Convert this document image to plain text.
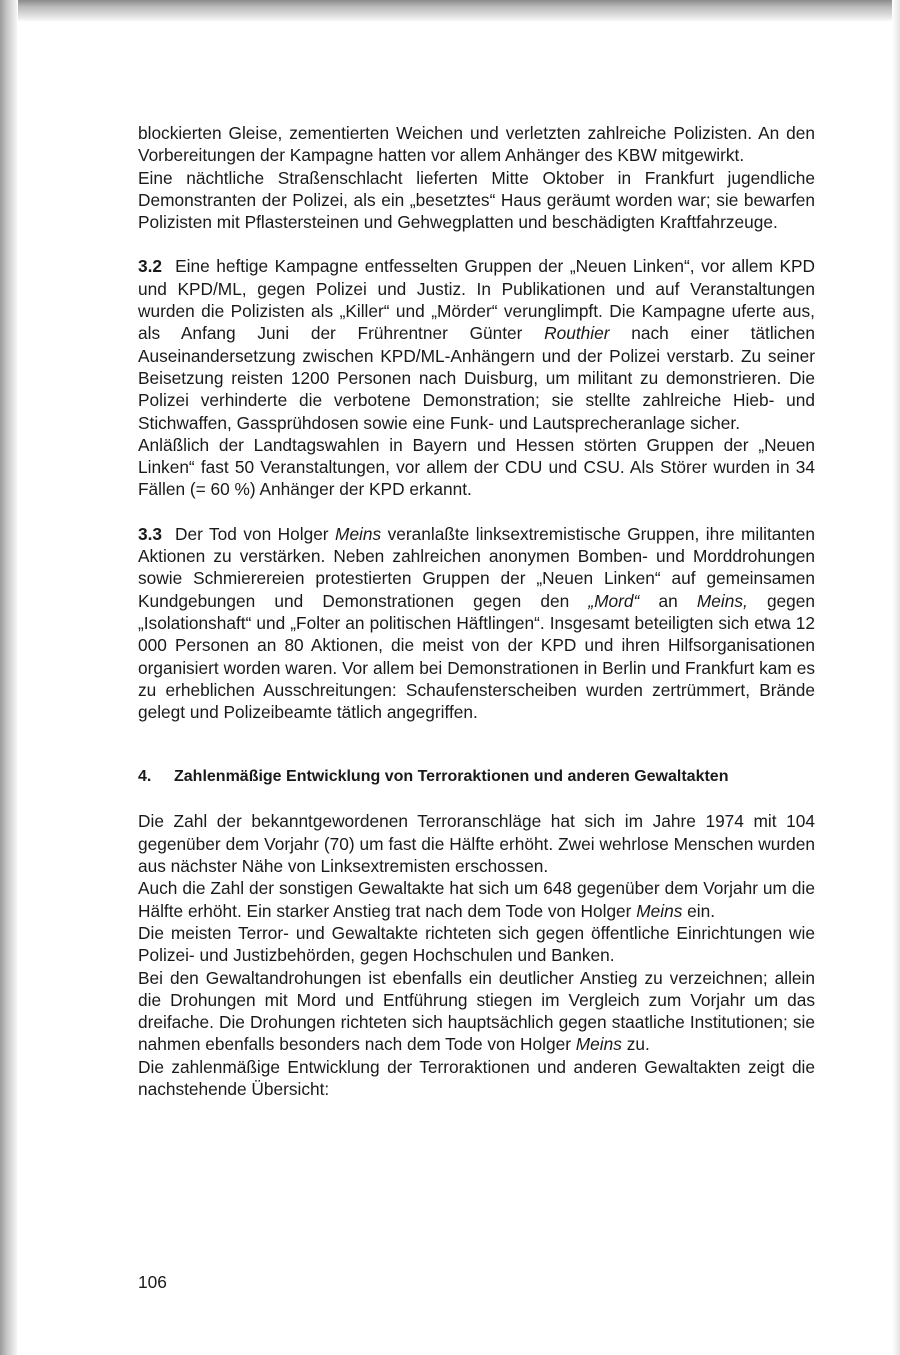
blockierten Gleise, zementierten Weichen und verletzten zahlreiche Polizisten. An den Vorbereitungen der Kampagne hatten vor allem Anhänger des KBW mitgewirkt.

Eine nächtliche Straßenschlacht lieferten Mitte Oktober in Frankfurt jugendliche Demonstranten der Polizei, als ein „besetztes“ Haus geräumt worden war; sie bewarfen Polizisten mit Pflastersteinen und Gehwegplatten und beschädigten Kraftfahrzeuge.

3.2 Eine heftige Kampagne entfesselten Gruppen der „Neuen Linken“, vor allem KPD und KPD/ML, gegen Polizei und Justiz. In Publikationen und auf Veranstaltungen wurden die Polizisten als „Killer“ und „Mörder“ verunglimpft. Die Kampagne uferte aus, als Anfang Juni der Frührentner Günter Routhier nach einer tätlichen Auseinandersetzung zwischen KPD/ML-Anhängern und der Polizei verstarb. Zu seiner Beisetzung reisten 1200 Personen nach Duisburg, um militant zu demonstrieren. Die Polizei verhinderte die verbotene Demonstration; sie stellte zahlreiche Hieb- und Stichwaffen, Gassprühdosen sowie eine Funk- und Lautsprecheranlage sicher.

Anläßlich der Landtagswahlen in Bayern und Hessen störten Gruppen der „Neuen Linken“ fast 50 Veranstaltungen, vor allem der CDU und CSU. Als Störer wurden in 34 Fällen (= 60 %) Anhänger der KPD erkannt.

3.3 Der Tod von Holger Meins veranlaßte linksextremistische Gruppen, ihre militanten Aktionen zu verstärken. Neben zahlreichen anonymen Bomben- und Morddrohungen sowie Schmierereien protestierten Gruppen der „Neuen Linken“ auf gemeinsamen Kundgebungen und Demonstrationen gegen den „Mord“ an Meins, gegen „Isolationshaft“ und „Folter an politischen Häftlingen“. Insgesamt beteiligten sich etwa 12 000 Personen an 80 Aktionen, die meist von der KPD und ihren Hilfsorganisationen organisiert worden waren. Vor allem bei Demonstrationen in Berlin und Frankfurt kam es zu erheblichen Ausschreitungen: Schaufensterscheiben wurden zertrümmert, Brände gelegt und Polizeibeamte tätlich angegriffen.

4. Zahlenmäßige Entwicklung von Terroraktionen und anderen Gewaltakten

Die Zahl der bekanntgewordenen Terroranschläge hat sich im Jahre 1974 mit 104 gegenüber dem Vorjahr (70) um fast die Hälfte erhöht. Zwei wehrlose Menschen wurden aus nächster Nähe von Linksextremisten erschossen.

Auch die Zahl der sonstigen Gewaltakte hat sich um 648 gegenüber dem Vorjahr um die Hälfte erhöht. Ein starker Anstieg trat nach dem Tode von Holger Meins ein.

Die meisten Terror- und Gewaltakte richteten sich gegen öffentliche Einrichtungen wie Polizei- und Justizbehörden, gegen Hochschulen und Banken.

Bei den Gewaltandrohungen ist ebenfalls ein deutlicher Anstieg zu verzeichnen; allein die Drohungen mit Mord und Entführung stiegen im Vergleich zum Vorjahr um das dreifache. Die Drohungen richteten sich hauptsächlich gegen staatliche Institutionen; sie nahmen ebenfalls besonders nach dem Tode von Holger Meins zu.

Die zahlenmäßige Entwicklung der Terroraktionen und anderen Gewaltakten zeigt die nachstehende Übersicht:

106
